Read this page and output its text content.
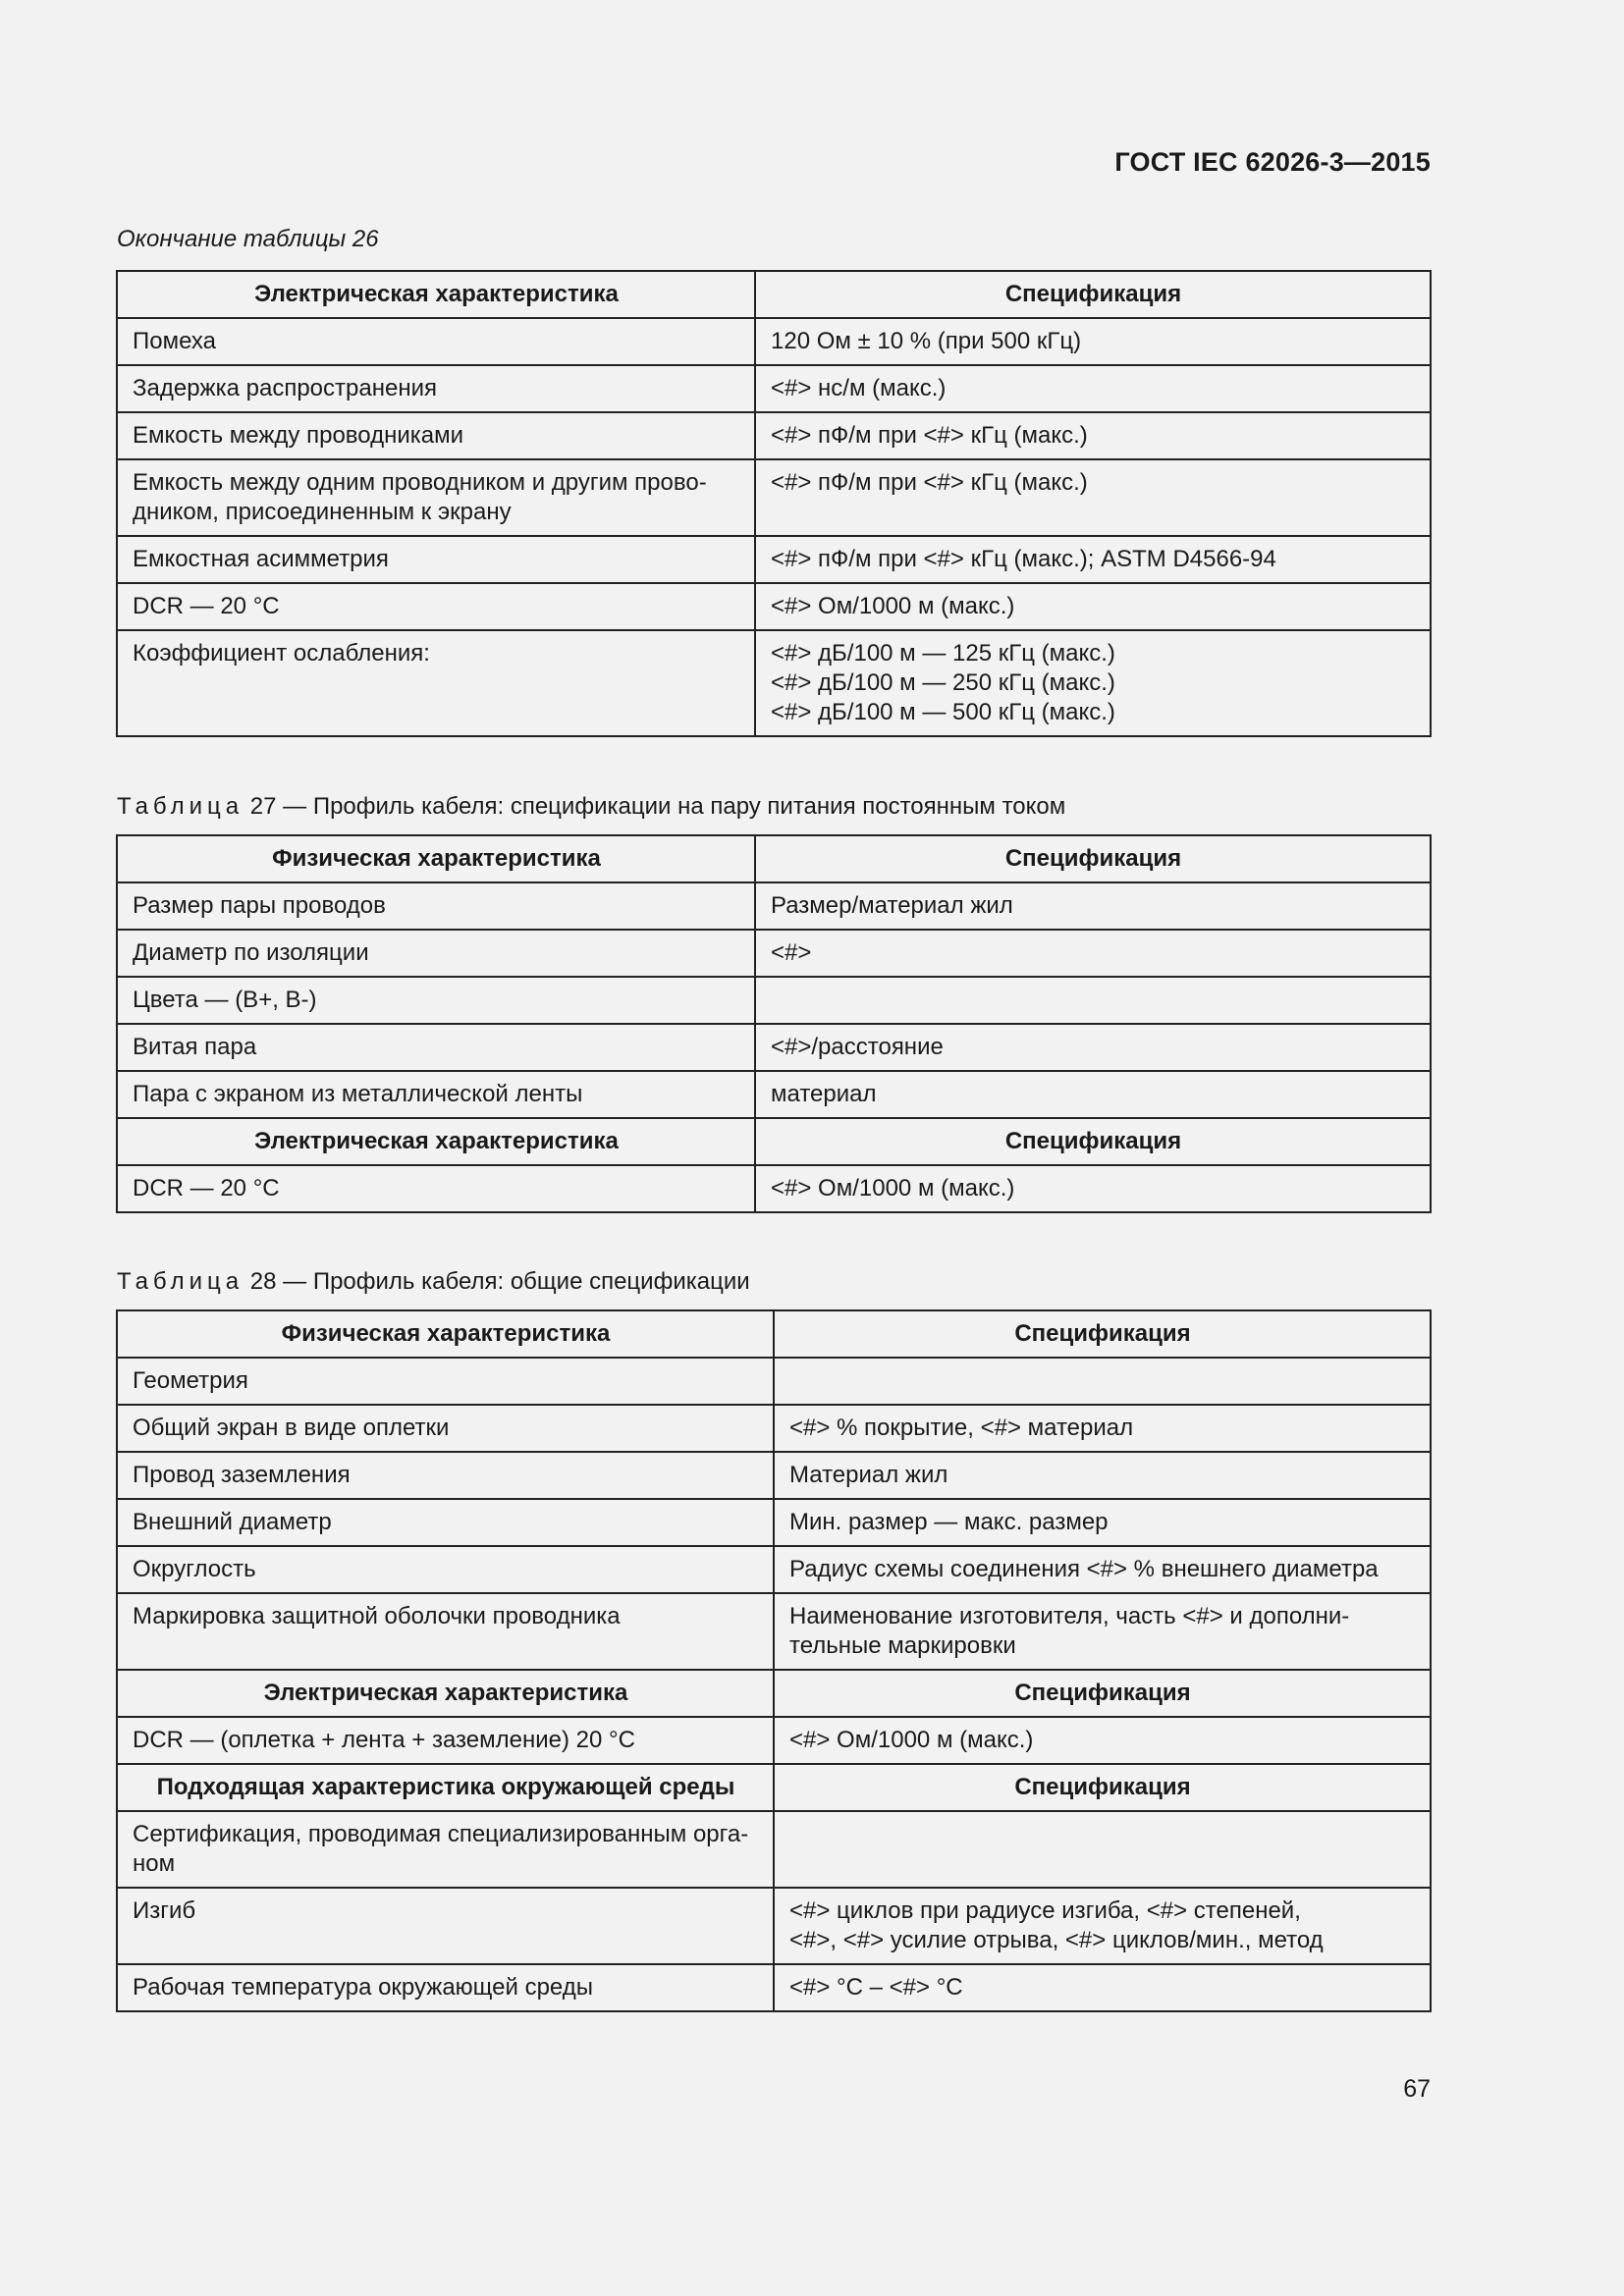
ГОСТ IEC 62026-3—2015
Окончание таблицы 26
Электрическая характеристика	Спецификация
Помеха	120 Ом ± 10 % (при 500 кГц)
Задержка распространения	<#> нс/м (макс.)
Емкость между проводниками	<#> пФ/м при <#> кГц (макс.)
Емкость между одним проводником и другим прово-
дником, присоединенным к экрану	<#> пФ/м при <#> кГц (макс.)
Емкостная асимметрия	<#> пФ/м при <#> кГц (макс.); ASTM D4566-94
DCR — 20 °С	<#> Ом/1000 м (макс.)
Коэффициент ослабления:	<#> дБ/100 м — 125 кГц (макс.)
<#> дБ/100 м — 250 кГц (макс.)
<#> дБ/100 м — 500 кГц (макс.)
Таблица 27 — Профиль кабеля: спецификации на пару питания постоянным током
Физическая характеристика	Спецификация
Размер пары проводов	Размер/материал жил
Диаметр по изоляции	<#>
Цвета — (В+, В-)	
Витая пара	<#>/расстояние
Пара с экраном из металлической ленты	материал
Электрическая характеристика	Спецификация
DCR — 20 °С	<#> Ом/1000 м (макс.)
Таблица 28 — Профиль кабеля: общие спецификации
Физическая характеристика	Спецификация
Геометрия	
Общий экран в виде оплетки	<#> % покрытие, <#> материал
Провод заземления	Материал жил
Внешний диаметр	Мин. размер — макс. размер
Округлость	Радиус схемы соединения <#> % внешнего диаметра
Маркировка защитной оболочки проводника	Наименование изготовителя, часть <#> и дополни-
тельные маркировки
Электрическая характеристика	Спецификация
DCR — (оплетка + лента + заземление) 20 °С	<#> Ом/1000 м (макс.)
Подходящая характеристика окружающей среды	Спецификация
Сертификация, проводимая специализированным орга-
ном	
Изгиб	<#> циклов при радиусе изгиба, <#> степеней,
<#>, <#> усилие отрыва, <#> циклов/мин., метод
Рабочая температура окружающей среды	<#> °С – <#> °С
67
